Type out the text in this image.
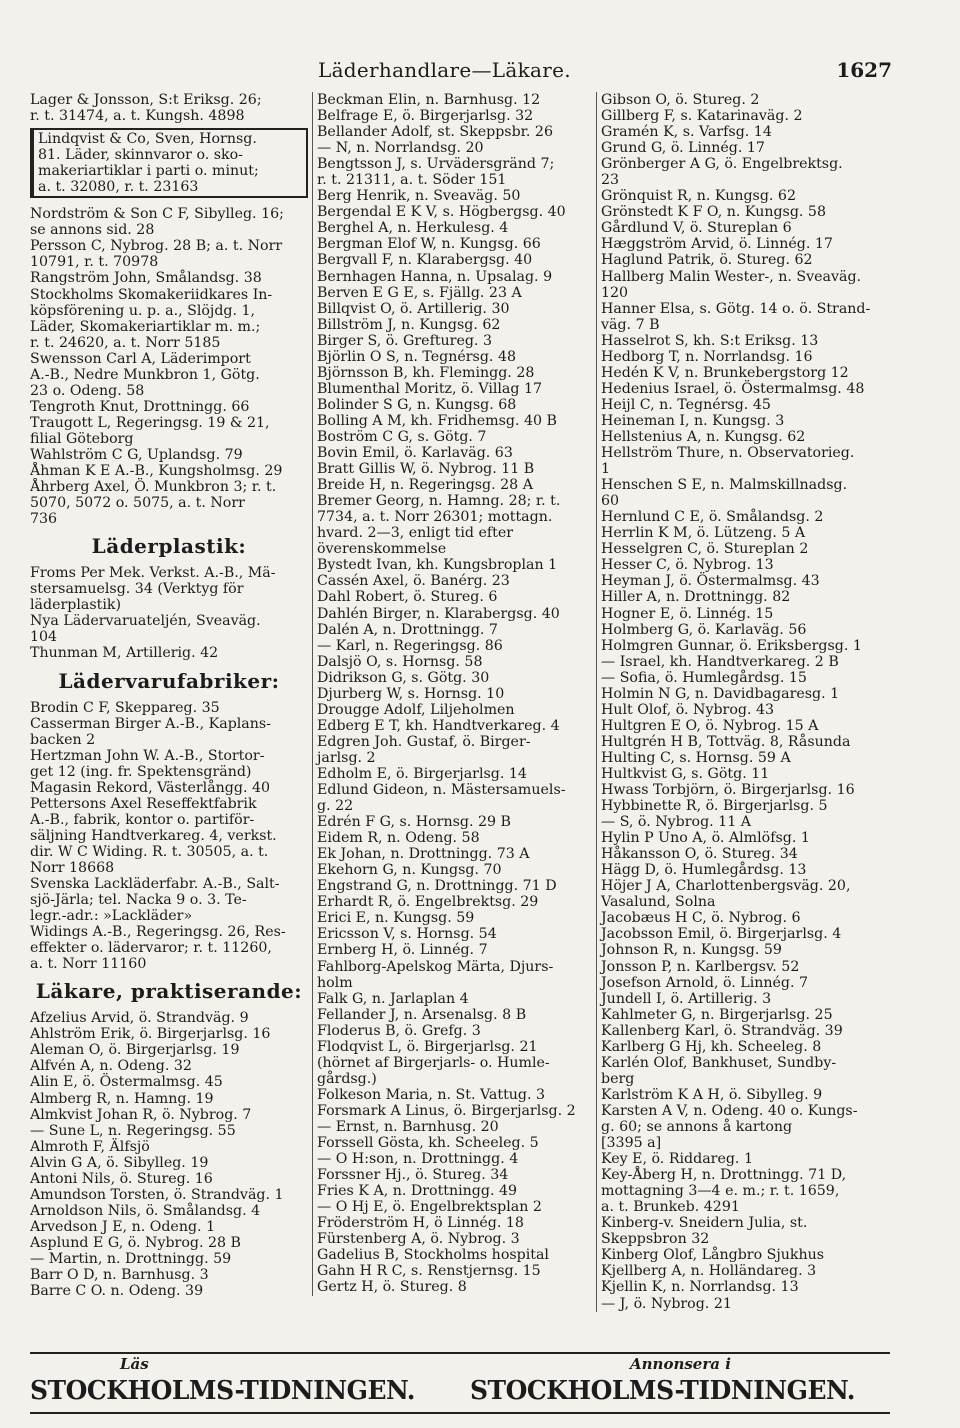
Läderhandlare—Läkare.	1627
Lager & Jonsson, S:t Eriksg. 26;
r. t. 31474, a. t. Kungsh. 4898
Lindqvist & Co, Sven, Hornsg.
81. Läder, skinnvaror o. sko-
makeriartiklar i parti o. minut;
a. t. 32080, r. t. 23163
Nordström & Son C F, Sibylleg. 16;
se annons sid. 28
Persson C, Nybrog. 28 B; a. t. Norr
10791, r. t. 70978
Rangström John, Smålandsg. 38
Stockholms Skomakeriidkares In-
köpsförening u. p. a., Slöjdg. 1,
Läder, Skomakeriartiklar m. m.;
r. t. 24620, a. t. Norr 5185
Swensson Carl A, Läderimport
A.-B., Nedre Munkbron 1, Götg.
23 o. Odeng. 58
Tengroth Knut, Drottningg. 66
Traugott L, Regeringsg. 19 & 21,
filial Göteborg
Wahlström C G, Uplandsg. 79
Åhman K E A.-B., Kungsholmsg. 29
Åhrberg Axel, Ö. Munkbron 3; r. t.
5070, 5072 o. 5075, a. t. Norr
736
Läderplastik:
Froms Per Mek. Verkst. A.-B., Mä-
stersamuelsg. 34 (Verktyg för
läderplastik)
Nya Lädervaruateljén, Sveaväg.
104
Thunman M, Artillerig. 42
Lädervarufabriker:
Brodin C F, Skeppareg. 35
Casserman Birger A.-B., Kaplans-
backen 2
Hertzman John W. A.-B., Stortor-
get 12 (ing. fr. Spektensgränd)
Magasin Rekord, Västerlångg. 40
Pettersons Axel Reseffektfabrik
A.-B., fabrik, kontor o. partiför-
säljning Handtverkareg. 4, verkst.
dir. W C Widing. R. t. 30505, a. t.
Norr 18668
Svenska Lackläderfabr. A.-B., Salt-
sjö-Järla; tel. Nacka 9 o. 3. Te-
legr.-adr.: »Lackläder»
Widings A.-B., Regeringsg. 26, Res-
effekter o. lädervaror; r. t. 11260,
a. t. Norr 11160
Läkare, praktiserande:
Afzelius Arvid, ö. Strandväg. 9
Ahlström Erik, ö. Birgerjarlsg. 16
Aleman O, ö. Birgerjarlsg. 19
Alfvén A, n. Odeng. 32
Alin E, ö. Östermalmsg. 45
Almberg R, n. Hamng. 19
Almkvist Johan R, ö. Nybrog. 7
— Sune L, n. Regeringsg. 55
Almroth F, Älfsjö
Alvin G A, ö. Sibylleg. 19
Antoni Nils, ö. Stureg. 16
Amundson Torsten, ö. Strandväg. 1
Arnoldson Nils, ö. Smålandsg. 4
Arvedson J E, n. Odeng. 1
Asplund E G, ö. Nybrog. 28 B
— Martin, n. Drottningg. 59
Barr O D, n. Barnhusg. 3
Barre C O. n. Odeng. 39
Beckman Elin, n. Barnhusg. 12
Belfrage E, ö. Birgerjarlsg. 32
Bellander Adolf, st. Skeppsbr. 26
— N, n. Norrlandsg. 20
Bengtsson J, s. Urvädersgränd 7;
r. t. 21311, a. t. Söder 151
Berg Henrik, n. Sveaväg. 50
Bergendal E K V, s. Högbergsg. 40
Berghel A, n. Herkulesg. 4
Bergman Elof W, n. Kungsg. 66
Bergvall F, n. Klarabergsg. 40
Bernhagen Hanna, n. Upsalag. 9
Berven E G E, s. Fjällg. 23 A
Billqvist O, ö. Artillerig. 30
Billström J, n. Kungsg. 62
Birger S, ö. Greftureg. 3
Björlin O S, n. Tegnérsg. 48
Björnsson B, kh. Flemingg. 28
Blumenthal Moritz, ö. Villag 17
Bolinder S G, n. Kungsg. 68
Bolling A M, kh. Fridhemsg. 40 B
Boström C G, s. Götg. 7
Bovin Emil, ö. Karlaväg. 63
Bratt Gillis W, ö. Nybrog. 11 B
Breide H, n. Regeringsg. 28 A
Bremer Georg, n. Hamng. 28; r. t.
7734, a. t. Norr 26301; mottagn.
hvard. 2—3, enligt tid efter
överenskommelse
Bystedt Ivan, kh. Kungsbroplan 1
Cassén Axel, ö. Banérg. 23
Dahl Robert, ö. Stureg. 6
Dahlén Birger, n. Klarabergsg. 40
Dalén A, n. Drottningg. 7
— Karl, n. Regeringsg. 86
Dalsjö O, s. Hornsg. 58
Didrikson G, s. Götg. 30
Djurberg W, s. Hornsg. 10
Drougge Adolf, Liljeholmen
Edberg E T, kh. Handtverkareg. 4
Edgren Joh. Gustaf, ö. Birger-
jarlsg. 2
Edholm E, ö. Birgerjarlsg. 14
Edlund Gideon, n. Mästersamuels-
g. 22
Edrén F G, s. Hornsg. 29 B
Eidem R, n. Odeng. 58
Ek Johan, n. Drottningg. 73 A
Ekehorn G, n. Kungsg. 70
Engstrand G, n. Drottningg. 71 D
Erhardt R, ö. Engelbrektsg. 29
Erici E, n. Kungsg. 59
Ericsson V, s. Hornsg. 54
Ernberg H, ö. Linnég. 7
Fahlborg-Apelskog Märta, Djurs-
holm
Falk G, n. Jarlaplan 4
Fellander J, n. Arsenalsg. 8 B
Floderus B, ö. Grefg. 3
Flodqvist L, ö. Birgerjarlsg. 21
(hörnet af Birgerjarls- o. Humle-
gårdsg.)
Folkeson Maria, n. St. Vattug. 3
Forsmark A Linus, ö. Birgerjarlsg. 2
— Ernst, n. Barnhusg. 20
Forssell Gösta, kh. Scheeleg. 5
— O H:son, n. Drottningg. 4
Forssner Hj., ö. Stureg. 34
Fries K A, n. Drottningg. 49
— O Hj E, ö. Engelbrektsplan 2
Fröderström H, ö Linnég. 18
Fürstenberg A, ö. Nybrog. 3
Gadelius B, Stockholms hospital
Gahn H R C, s. Renstjernsg. 15
Gertz H, ö. Stureg. 8
Gibson O, ö. Stureg. 2
Gillberg F, s. Katarinaväg. 2
Gramén K, s. Varfsg. 14
Grund G, ö. Linnég. 17
Grönberger A G, ö. Engelbrektsg.
23
Grönquist R, n. Kungsg. 62
Grönstedt K F O, n. Kungsg. 58
Gårdlund V, ö. Stureplan 6
Hæggström Arvid, ö. Linnég. 17
Haglund Patrik, ö. Stureg. 62
Hallberg Malin Wester-, n. Sveaväg.
120
Hanner Elsa, s. Götg. 14 o. ö. Strand-
väg. 7 B
Hasselrot S, kh. S:t Eriksg. 13
Hedborg T, n. Norrlandsg. 16
Hedén K V, n. Brunkebergstorg 12
Hedenius Israel, ö. Östermalmsg. 48
Heijl C, n. Tegnérsg. 45
Heineman I, n. Kungsg. 3
Hellstenius A, n. Kungsg. 62
Hellström Thure, n. Observatorieg.
1
Henschen S E, n. Malmskillnadsg.
60
Hernlund C E, ö. Smålandsg. 2
Herrlin K M, ö. Lützeng. 5 A
Hesselgren C, ö. Stureplan 2
Hesser C, ö. Nybrog. 13
Heyman J, ö. Östermalmsg. 43
Hiller A, n. Drottningg. 82
Hogner E, ö. Linnég. 15
Holmberg G, ö. Karlaväg. 56
Holmgren Gunnar, ö. Eriksbergsg. 1
— Israel, kh. Handtverkareg. 2 B
— Sofia, ö. Humlegårdsg. 15
Holmin N G, n. Davidbagaresg. 1
Hult Olof, ö. Nybrog. 43
Hultgren E O, ö. Nybrog. 15 A
Hultgrén H B, Tottväg. 8, Råsunda
Hulting C, s. Hornsg. 59 A
Hultkvist G, s. Götg. 11
Hwass Torbjörn, ö. Birgerjarlsg. 16
Hybbinette R, ö. Birgerjarlsg. 5
— S, ö. Nybrog. 11 A
Hylin P Uno A, ö. Almlöfsg. 1
Håkansson O, ö. Stureg. 34
Hägg D, ö. Humlegårdsg. 13
Höjer J A, Charlottenbergsväg. 20,
Vasalund, Solna
Jacobæus H C, ö. Nybrog. 6
Jacobsson Emil, ö. Birgerjarlsg. 4
Johnson R, n. Kungsg. 59
Jonsson P, n. Karlbergsv. 52
Josefson Arnold, ö. Linnég. 7
Jundell I, ö. Artillerig. 3
Kahlmeter G, n. Birgerjarlsg. 25
Kallenberg Karl, ö. Strandväg. 39
Karlberg G Hj, kh. Scheeleg. 8
Karlén Olof, Bankhuset, Sundby-
berg
Karlström K A H, ö. Sibylleg. 9
Karsten A V, n. Odeng. 40 o. Kungs-
g. 60; se annons å kartong
[3395 a]
Key E, ö. Riddareg. 1
Key-Åberg H, n. Drottningg. 71 D,
mottagning 3—4 e. m.; r. t. 1659,
a. t. Brunkeb. 4291
Kinberg-v. Sneidern Julia, st.
Skeppsbron 32
Kinberg Olof, Långbro Sjukhus
Kjellberg A, n. Holländareg. 3
Kjellin K, n. Norrlandsg. 13
— J, ö. Nybrog. 21
Läs	Annonsera i
STOCKHOLMS-TIDNINGEN. STOCKHOLMS-TIDNINGEN.
